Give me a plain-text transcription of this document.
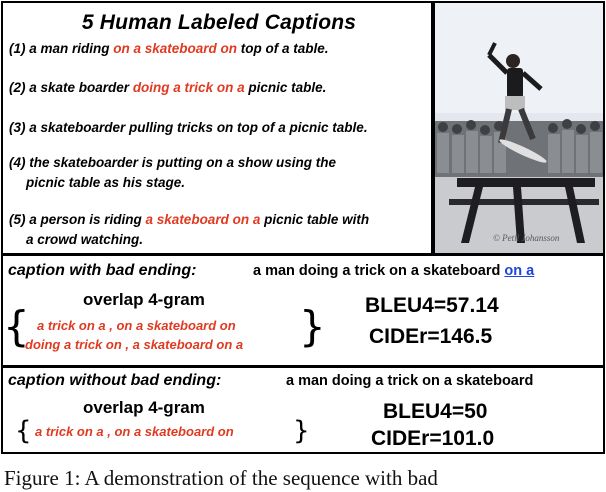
5 Human Labeled Captions
(1) a man riding on a skateboard on top of a table.
(2) a skate boarder doing a trick on a picnic table.
(3) a skateboarder pulling tricks on top of a picnic table.
(4) the skateboarder is putting on a show using the
picnic table as his stage.
(5) a person is riding a skateboard on a picnic table with
a crowd watching.	© Petil Johansson
caption with bad ending:	a man doing a trick on a skateboard on a
overlap 4-gram
{ a trick on a , on a skateboard on
doing a trick on , a skateboard on a } BLEU4=57.14
CIDEr=146.5
caption without bad ending:	a man doing a trick on a skateboard
overlap 4-gram
{ a trick on a , on a skateboard on }
BLEU4=50
CIDEr=101.0
Figure 1: A demonstration of the sequence with bad
